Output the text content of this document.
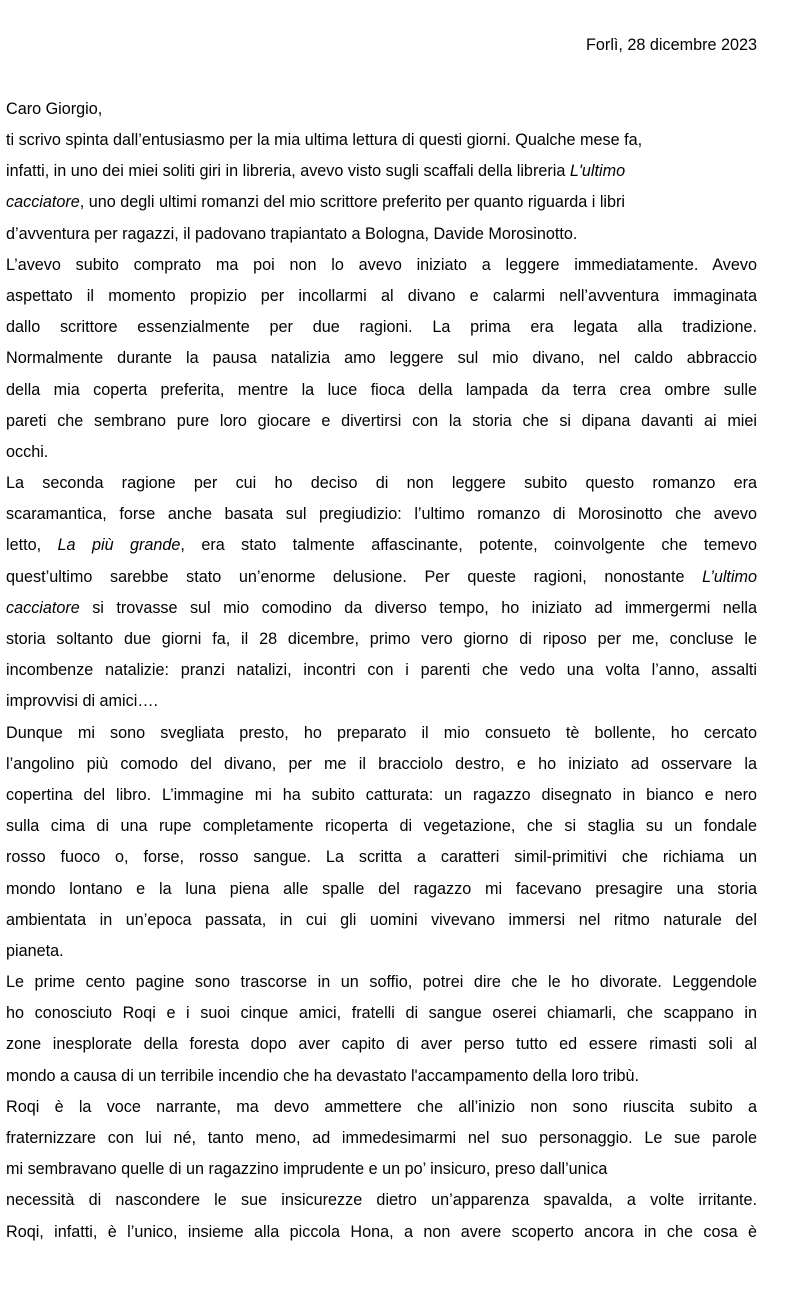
Forlì, 28 dicembre 2023
Caro Giorgio,
ti scrivo spinta dall’entusiasmo per la mia ultima lettura di questi giorni. Qualche mese fa,
infatti, in uno dei miei soliti giri in libreria, avevo visto sugli scaffali della libreria L'ultimo
cacciatore, uno degli ultimi romanzi del mio scrittore preferito per quanto riguarda i libri
d’avventura per ragazzi, il padovano trapiantato a Bologna, Davide Morosinotto.
L’avevo subito comprato ma poi non lo avevo iniziato a leggere immediatamente. Avevo
aspettato il momento propizio per incollarmi al divano e calarmi nell’avventura immaginata
dallo scrittore essenzialmente per due ragioni. La prima era legata alla tradizione.
Normalmente durante la pausa natalizia amo leggere sul mio divano, nel caldo abbraccio
della mia coperta preferita, mentre la luce fioca della lampada da terra crea ombre sulle
pareti che sembrano pure loro giocare e divertirsi con la storia che si dipana davanti ai miei
occhi.
La seconda ragione per cui ho deciso di non leggere subito questo romanzo era
scaramantica, forse anche basata sul pregiudizio: l’ultimo romanzo di Morosinotto che avevo
letto, La più grande, era stato talmente affascinante, potente, coinvolgente che temevo
quest’ultimo sarebbe stato un’enorme delusione. Per queste ragioni, nonostante L’ultimo
cacciatore si trovasse sul mio comodino da diverso tempo, ho iniziato ad immergermi nella
storia soltanto due giorni fa, il 28 dicembre, primo vero giorno di riposo per me, concluse le
incombenze natalizie: pranzi natalizi, incontri con i parenti che vedo una volta l’anno, assalti
improvvisi di amici….
Dunque mi sono svegliata presto, ho preparato il mio consueto tè bollente, ho cercato
l’angolino più comodo del divano, per me il bracciolo destro, e ho iniziato ad osservare la
copertina del libro. L’immagine mi ha subito catturata: un ragazzo disegnato in bianco e nero
sulla cima di una rupe completamente ricoperta di vegetazione, che si staglia su un fondale
rosso fuoco o, forse, rosso sangue. La scritta a caratteri simil-primitivi che richiama un
mondo lontano e la luna piena alle spalle del ragazzo mi facevano presagire una storia
ambientata in un’epoca passata, in cui gli uomini vivevano immersi nel ritmo naturale del
pianeta.
Le prime cento pagine sono trascorse in un soffio, potrei dire che le ho divorate. Leggendole
ho conosciuto Roqi e i suoi cinque amici, fratelli di sangue oserei chiamarli, che scappano in
zone inesplorate della foresta dopo aver capito di aver perso tutto ed essere rimasti soli al
mondo a causa di un terribile incendio che ha devastato l'accampamento della loro tribù.
Roqi è la voce narrante, ma devo ammettere che all’inizio non sono riuscita subito a
fraternizzare con lui né, tanto meno, ad immedesimarmi nel suo personaggio. Le sue parole
mi sembravano quelle di un ragazzino imprudente e un po’ insicuro, preso dall’unica
necessità di nascondere le sue insicurezze dietro un’apparenza spavalda, a volte irritante.
Roqi, infatti, è l’unico, insieme alla piccola Hona, a non avere scoperto ancora in che cosa è
